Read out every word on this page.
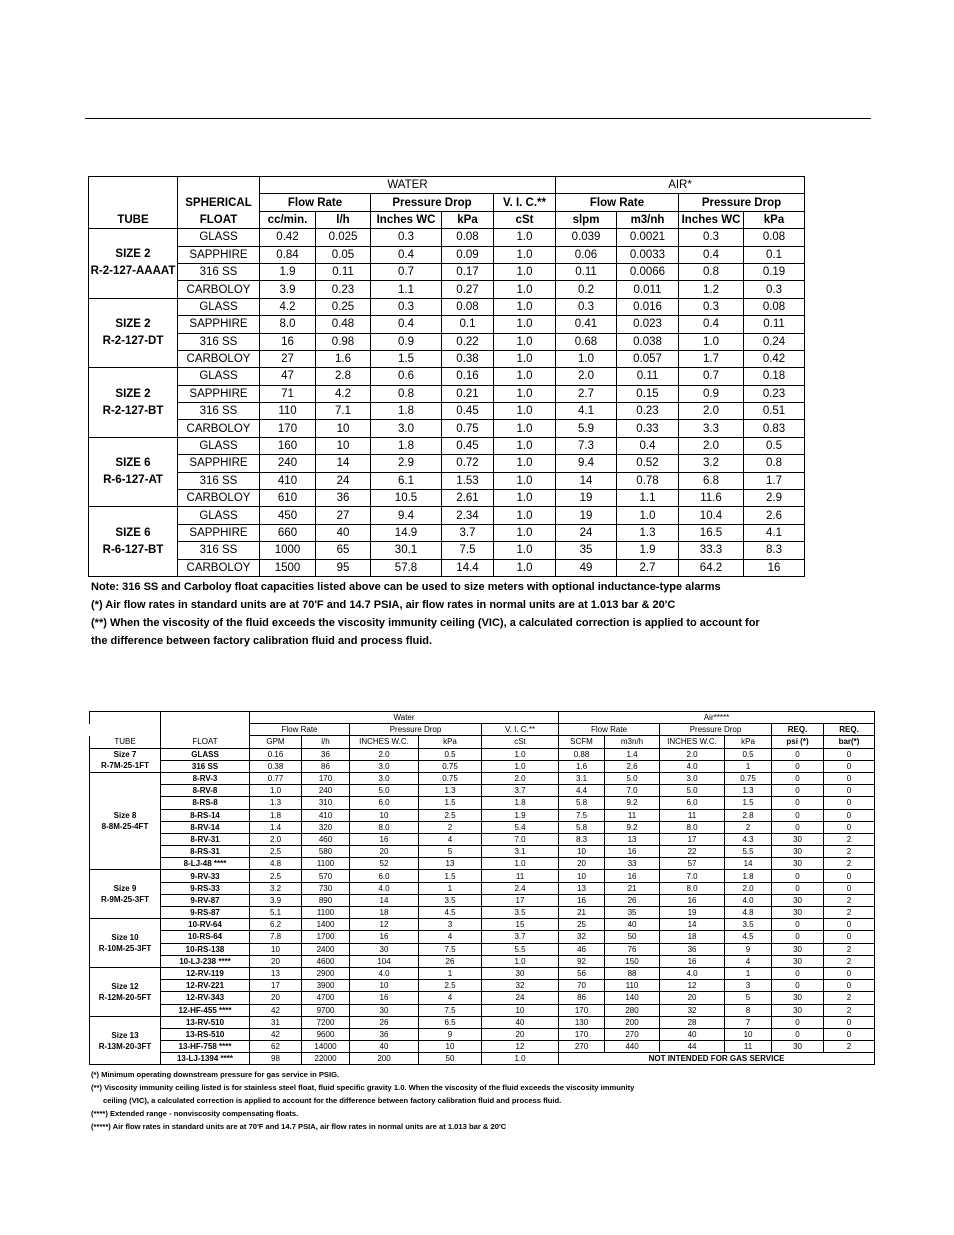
		WATER					AIR*			
	SPHERICAL	Flow Rate		Pressure Drop		V. I. C.**	Flow Rate		Pressure Drop	
TUBE	FLOAT	cc/min.	l/h	Inches WC	kPa	cSt	slpm	m3/nh	Inches WC	kPa

SIZE 2
R-2-127-AAAAT	GLASS	0.42	0.025	0.3	0.08	1.0	0.039	0.0021	0.3	0.08
	SAPPHIRE	0.84	0.05	0.4	0.09	1.0	0.06	0.0033	0.4	0.1
	316 SS	1.9	0.11	0.7	0.17	1.0	0.11	0.0066	0.8	0.19
	CARBOLOY	3.9	0.23	1.1	0.27	1.0	0.2	0.011	1.2	0.3

SIZE 2
R-2-127-DT	GLASS	4.2	0.25	0.3	0.08	1.0	0.3	0.016	0.3	0.08
	SAPPHIRE	8.0	0.48	0.4	0.1	1.0	0.41	0.023	0.4	0.11
	316 SS	16	0.98	0.9	0.22	1.0	0.68	0.038	1.0	0.24
	CARBOLOY	27	1.6	1.5	0.38	1.0	1.0	0.057	1.7	0.42

SIZE 2
R-2-127-BT	GLASS	47	2.8	0.6	0.16	1.0	2.0	0.11	0.7	0.18
	SAPPHIRE	71	4.2	0.8	0.21	1.0	2.7	0.15	0.9	0.23
	316 SS	110	7.1	1.8	0.45	1.0	4.1	0.23	2.0	0.51
	CARBOLOY	170	10	3.0	0.75	1.0	5.9	0.33	3.3	0.83

SIZE 6
R-6-127-AT	GLASS	160	10	1.8	0.45	1.0	7.3	0.4	2.0	0.5
	SAPPHIRE	240	14	2.9	0.72	1.0	9.4	0.52	3.2	0.8
	316 SS	410	24	6.1	1.53	1.0	14	0.78	6.8	1.7
	CARBOLOY	610	36	10.5	2.61	1.0	19	1.1	11.6	2.9

SIZE 6
R-6-127-BT	GLASS	450	27	9.4	2.34	1.0	19	1.0	10.4	2.6
	SAPPHIRE	660	40	14.9	3.7	1.0	24	1.3	16.5	4.1
	316 SS	1000	65	30.1	7.5	1.0	35	1.9	33.3	8.3
	CARBOLOY	1500	95	57.8	14.4	1.0	49	2.7	64.2	16
Note: 316 SS and Carboloy float capacities listed above can be used to size meters with optional inductance-type alarms
(*) Air flow rates in standard units are at 70'F and 14.7 PSIA, air flow rates in normal units are at 1.013 bar & 20'C
(**) When the viscosity of the fluid exceeds the viscosity immunity ceiling (VIC), a calculated correction is applied to account for
the difference between factory calibration fluid and process fluid.
		Water					Air*****					
		Flow Rate		Pressure Drop		V. I. C.**	Flow Rate		Pressure Drop		REQ.	REQ.
TUBE	FLOAT	GPM	l/h	INCHES W.C.	kPa	cSt	SCFM	m3n/h	INCHES W.C.	kPa	psi (*)	bar(*)

Size 7
R-7M-25-1FT	GLASS	0.16	36	2.0	0.5	1.0	0.88	1.4	2.0	0.5	0	0
	316 SS	0.38	86	3.0	0.75	1.0	1.6	2.6	4.0	1	0	0

Size 8
8-8M-25-4FT	8-RV-3	0.77	170	3.0	0.75	2.0	3.1	5.0	3.0	0.75	0	0
	8-RV-8	1.0	240	5.0	1.3	3.7	4.4	7.0	5.0	1.3	0	0
	8-RS-8	1.3	310	6.0	1.5	1.8	5.8	9.2	6.0	1.5	0	0
	8-RS-14	1.8	410	10	2.5	1.9	7.5	11	11	2.8	0	0
	8-RV-14	1.4	320	8.0	2	5.4	5.8	9.2	8.0	2	0	0
	8-RV-31	2.0	460	16	4	7.0	8.3	13	17	4.3	30	2
	8-RS-31	2.5	580	20	5	3.1	10	16	22	5.5	30	2
	8-LJ-48 ****	4.8	1100	52	13	1.0	20	33	57	14	30	2

Size 9
R-9M-25-3FT	9-RV-33	2.5	570	6.0	1.5	11	10	16	7.0	1.8	0	0
	9-RS-33	3.2	730	4.0	1	2.4	13	21	8.0	2.0	0	0
	9-RV-87	3.9	890	14	3.5	17	16	26	16	4.0	30	2
	9-RS-87	5.1	1100	18	4.5	3.5	21	35	19	4.8	30	2

Size 10
R-10M-25-3FT	10-RV-64	6.2	1400	12	3	15	25	40	14	3.5	0	0
	10-RS-64	7.8	1700	16	4	3.7	32	50	18	4.5	0	0
	10-RS-138	10	2400	30	7.5	5.5	46	76	36	9	30	2
	10-LJ-238 ****	20	4600	104	26	1.0	92	150	16	4	30	2

Size 12
R-12M-20-5FT	12-RV-119	13	2900	4.0	1	30	56	88	4.0	1	0	0
	12-RV-221	17	3900	10	2.5	32	70	110	12	3	0	0
	12-RV-343	20	4700	16	4	24	86	140	20	5	30	2
	12-HF-455 ****	42	9700	30	7.5	10	170	280	32	8	30	2

Size 13
R-13M-20-3FT	13-RV-510	31	7200	26	6.5	40	130	200	28	7	0	0
	13-RS-510	42	9600	36	9	20	170	270	40	10	0	0
	13-HF-758 ****	62	14000	40	10	12	270	440	44	11	30	2
	13-LJ-1394 ****	98	22000	200	50	1.0	NOT INTENDED FOR GAS SERVICE					
(*) Minimum operating downstream pressure for gas service in PSIG.
(**) Viscosity immunity ceiling listed is for stainless steel float, fluid specific gravity 1.0. When the viscosity of the fluid exceeds the viscosity immunity
ceiling (VIC), a calculated correction is applied to account for the difference between factory calibration fluid and process fluid.
(****) Extended range - nonviscosity compensating floats.
(*****) Air flow rates in standard units are at 70'F and 14.7 PSIA, air flow rates in normal units are at 1.013 bar & 20'C
